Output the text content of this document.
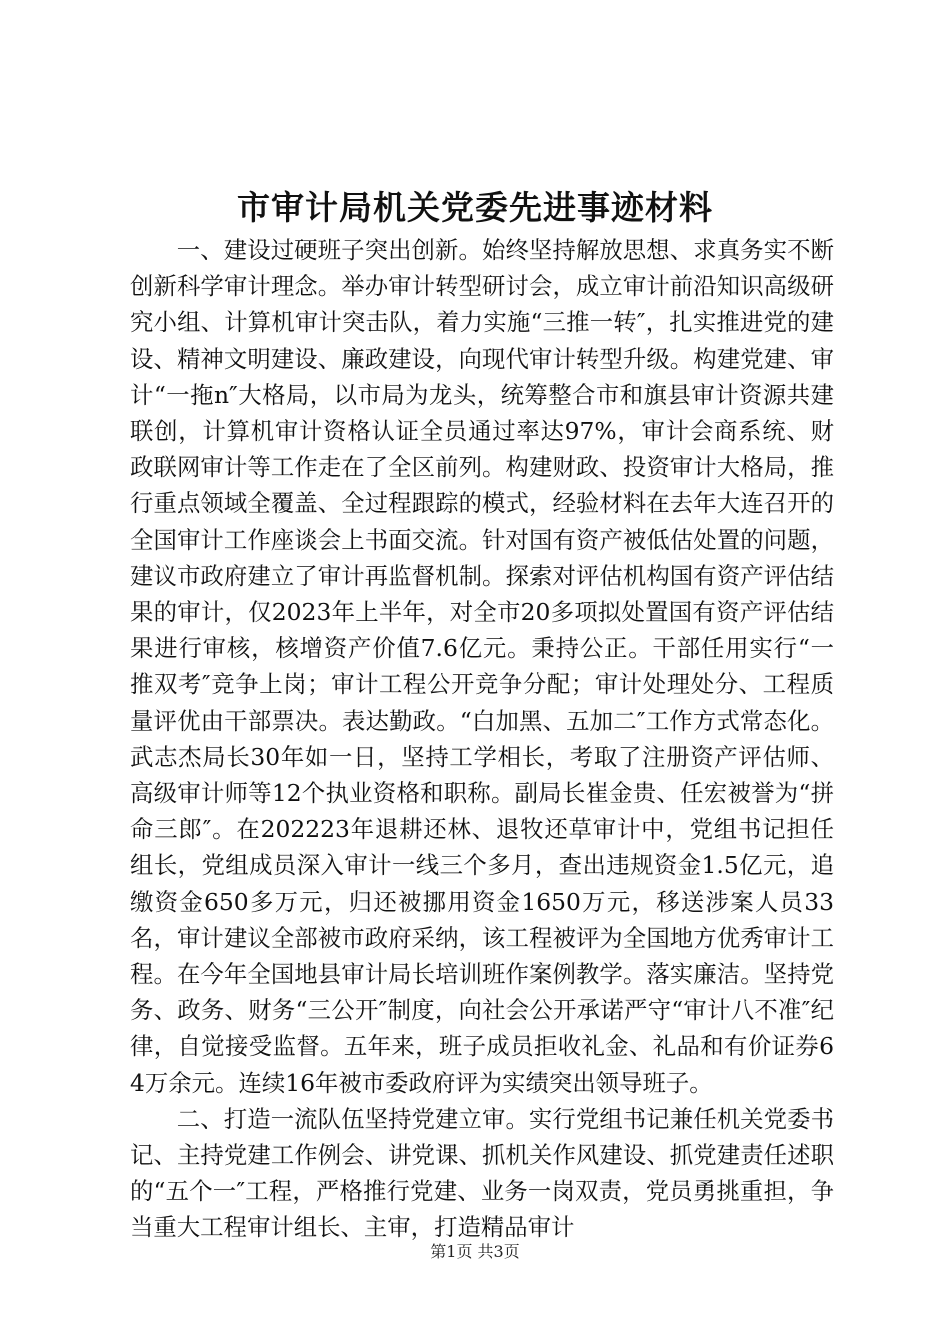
市审计局机关党委先进事迹材料

一、建设过硬班子突出创新。始终坚持解放思想、求真务实不断创新科学审计理念。举办审计转型研讨会，成立审计前沿知识高级研究小组、计算机审计突击队，着力实施“三推一转″，扎实推进党的建设、精神文明建设、廉政建设，向现代审计转型升级。构建党建、审计“一拖n″大格局，以市局为龙头，统筹整合市和旗县审计资源共建联创，计算机审计资格认证全员通过率达97%，审计会商系统、财政联网审计等工作走在了全区前列。构建财政、投资审计大格局，推行重点领域全覆盖、全过程跟踪的模式，经验材料在去年大连召开的全国审计工作座谈会上书面交流。针对国有资产被低估处置的问题，建议市政府建立了审计再监督机制。探索对评估机构国有资产评估结果的审计，仅2023年上半年，对全市20多项拟处置国有资产评估结果进行审核，核增资产价值7.6亿元。秉持公正。干部任用实行“一推双考″竞争上岗；审计工程公开竞争分配；审计处理处分、工程质量评优由干部票决。表达勤政。“白加黑、五加二″工作方式常态化。武志杰局长30年如一日，坚持工学相长，考取了注册资产评估师、高级审计师等12个执业资格和职称。副局长崔金贵、任宏被誉为“拼命三郎″。在202223年退耕还林、退牧还草审计中，党组书记担任组长，党组成员深入审计一线三个多月，查出违规资金1.5亿元，追缴资金650多万元，归还被挪用资金1650万元，移送涉案人员33名，审计建议全部被市政府采纳，该工程被评为全国地方优秀审计工程。在今年全国地县审计局长培训班作案例教学。落实廉洁。坚持党务、政务、财务“三公开″制度，向社会公开承诺严守“审计八不准″纪律，自觉接受监督。五年来，班子成员拒收礼金、礼品和有价证券64万余元。连续16年被市委政府评为实绩突出领导班子。

二、打造一流队伍坚持党建立审。实行党组书记兼任机关党委书记、主持党建工作例会、讲党课、抓机关作风建设、抓党建责任述职的“五个一″工程，严格推行党建、业务一岗双责，党员勇挑重担，争当重大工程审计组长、主审，打造精品审计

第1页 共3页
